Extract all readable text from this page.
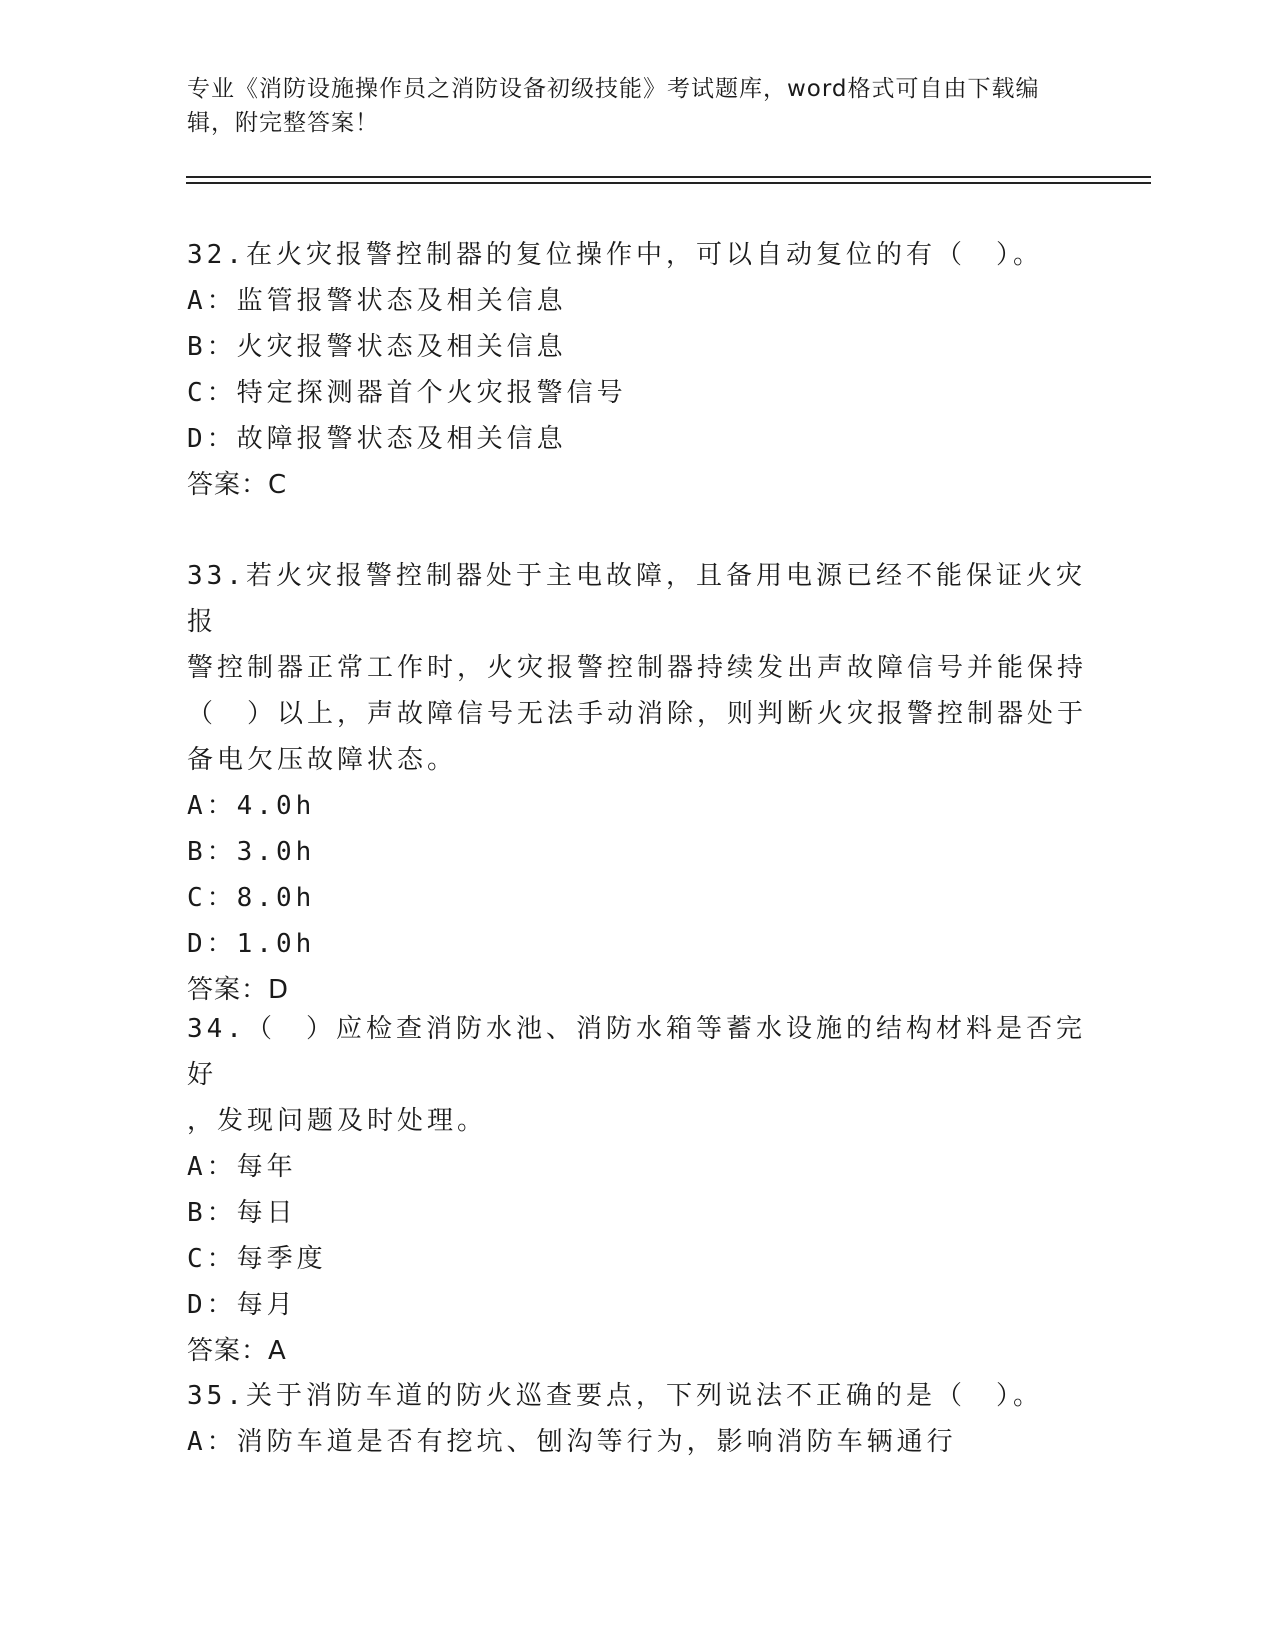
专业《消防设施操作员之消防设备初级技能》考试题库，word格式可自由下载编
辑，附完整答案！

32.在火灾报警控制器的复位操作中，可以自动复位的有（　）。

A：监管报警状态及相关信息

B：火灾报警状态及相关信息

C：特定探测器首个火灾报警信号

D：故障报警状态及相关信息

答案：C

33.若火灾报警控制器处于主电故障，且备用电源已经不能保证火灾报

警控制器正常工作时，火灾报警控制器持续发出声故障信号并能保持

（　）以上，声故障信号无法手动消除，则判断火灾报警控制器处于

备电欠压故障状态。

A：4.0h

B：3.0h

C：8.0h

D：1.0h

答案：D

34.（　）应检查消防水池、消防水箱等蓄水设施的结构材料是否完好

，发现问题及时处理。

A：每年

B：每日

C：每季度

D：每月

答案：A

35.关于消防车道的防火巡查要点，下列说法不正确的是（　）。

A：消防车道是否有挖坑、刨沟等行为，影响消防车辆通行
